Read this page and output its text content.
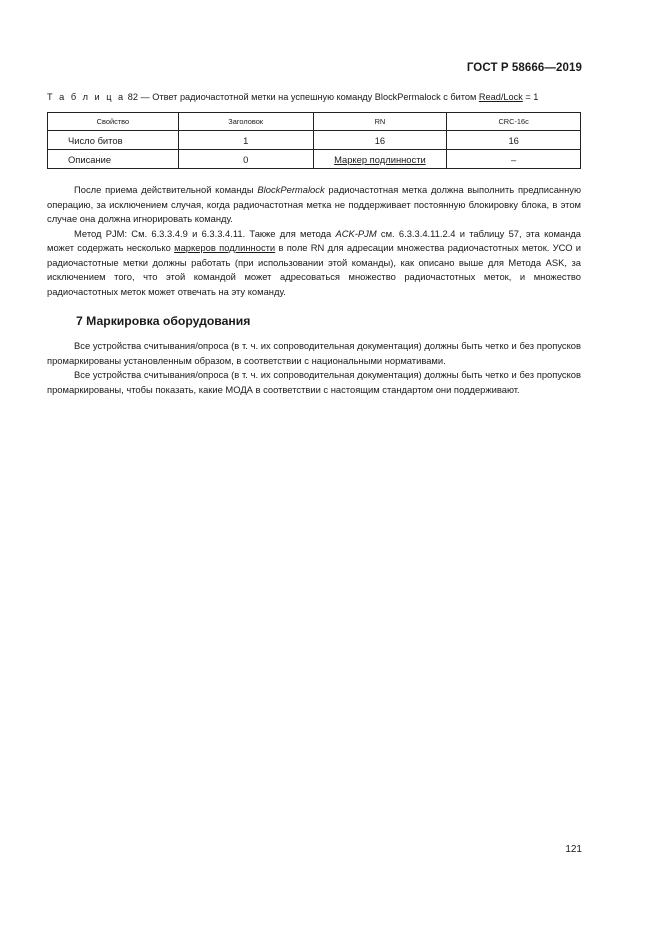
ГОСТ Р 58666—2019
Т а б л и ц а 82 — Ответ радиочастотной метки на успешную команду BlockPermalock с битом Read/Lock = 1
Свойство	Заголовок	RN	CRC-16c
Число битов	1	16	16
Описание	0	Маркер подлинности	–

После приема действительной команды BlockPermalock радиочастотная метка должна выполнить предписанную операцию, за исключением случая, когда радиочастотная метка не поддерживает постоянную блокировку блока, в этом случае она должна игнорировать команду.

Метод PJM: См. 6.3.3.4.9 и 6.3.3.4.11. Также для метода ACK-PJM см. 6.3.3.4.11.2.4 и таблицу 57, эта команда может содержать несколько маркеров подлинности в поле RN для адресации множества радиочастотных меток. УСО и радиочастотные метки должны работать (при использовании этой команды), как описано выше для Метода ASK, за исключением того, что этой командой может адресоваться множество радиочастотных меток, и множество радиочастотных меток может отвечать на эту команду.

7 Маркировка оборудования

Все устройства считывания/опроса (в т. ч. их сопроводительная документация) должны быть четко и без пропусков промаркированы установленным образом, в соответствии с национальными нормативами.

Все устройства считывания/опроса (в т. ч. их сопроводительная документация) должны быть четко и без пропусков промаркированы, чтобы показать, какие МОДА в соответствии с настоящим стандартом они поддерживают.

121
